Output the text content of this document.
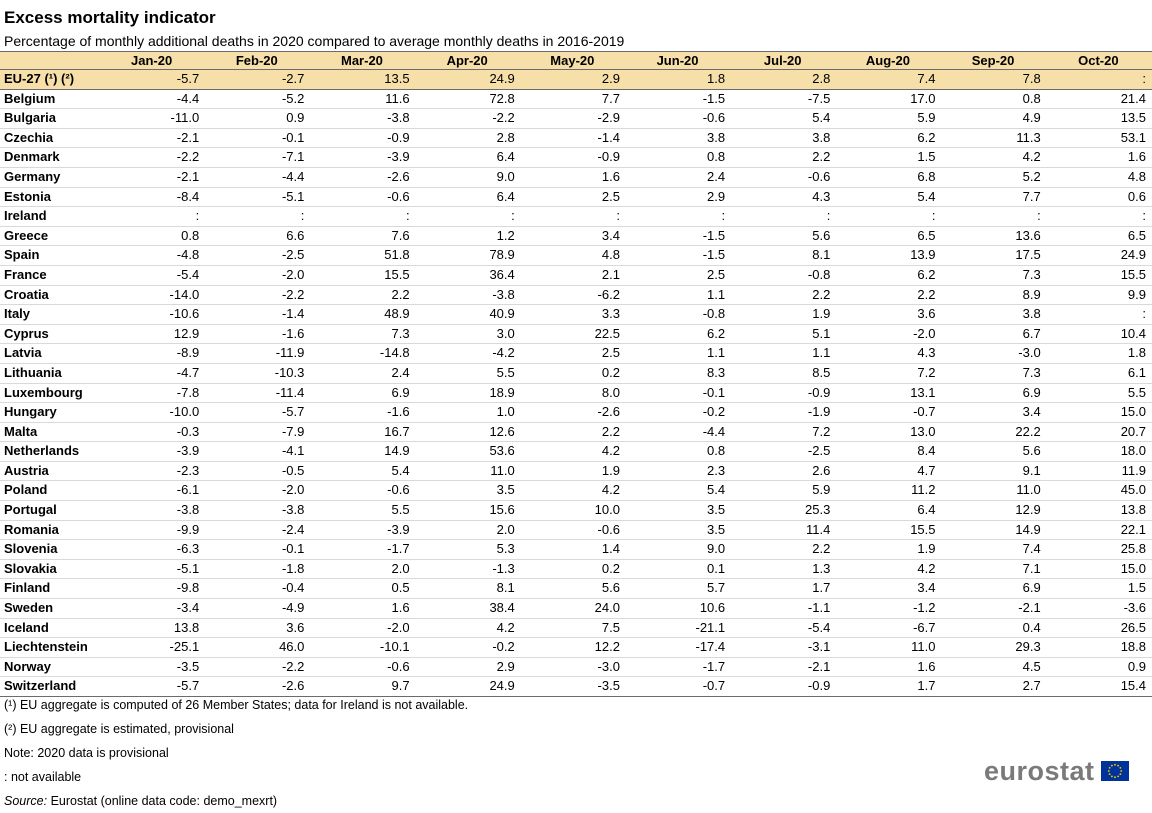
Excess mortality indicator
Percentage of monthly additional deaths in 2020 compared to average monthly deaths in 2016-2019
	Jan-20	Feb-20	Mar-20	Apr-20	May-20	Jun-20	Jul-20	Aug-20	Sep-20	Oct-20
EU-27 (¹) (²)	-5.7	-2.7	13.5	24.9	2.9	1.8	2.8	7.4	7.8	:
Belgium	-4.4	-5.2	11.6	72.8	7.7	-1.5	-7.5	17.0	0.8	21.4
Bulgaria	-11.0	0.9	-3.8	-2.2	-2.9	-0.6	5.4	5.9	4.9	13.5
Czechia	-2.1	-0.1	-0.9	2.8	-1.4	3.8	3.8	6.2	11.3	53.1
Denmark	-2.2	-7.1	-3.9	6.4	-0.9	0.8	2.2	1.5	4.2	1.6
Germany	-2.1	-4.4	-2.6	9.0	1.6	2.4	-0.6	6.8	5.2	4.8
Estonia	-8.4	-5.1	-0.6	6.4	2.5	2.9	4.3	5.4	7.7	0.6
Ireland	:	:	:	:	:	:	:	:	:	:
Greece	0.8	6.6	7.6	1.2	3.4	-1.5	5.6	6.5	13.6	6.5
Spain	-4.8	-2.5	51.8	78.9	4.8	-1.5	8.1	13.9	17.5	24.9
France	-5.4	-2.0	15.5	36.4	2.1	2.5	-0.8	6.2	7.3	15.5
Croatia	-14.0	-2.2	2.2	-3.8	-6.2	1.1	2.2	2.2	8.9	9.9
Italy	-10.6	-1.4	48.9	40.9	3.3	-0.8	1.9	3.6	3.8	:
Cyprus	12.9	-1.6	7.3	3.0	22.5	6.2	5.1	-2.0	6.7	10.4
Latvia	-8.9	-11.9	-14.8	-4.2	2.5	1.1	1.1	4.3	-3.0	1.8
Lithuania	-4.7	-10.3	2.4	5.5	0.2	8.3	8.5	7.2	7.3	6.1
Luxembourg	-7.8	-11.4	6.9	18.9	8.0	-0.1	-0.9	13.1	6.9	5.5
Hungary	-10.0	-5.7	-1.6	1.0	-2.6	-0.2	-1.9	-0.7	3.4	15.0
Malta	-0.3	-7.9	16.7	12.6	2.2	-4.4	7.2	13.0	22.2	20.7
Netherlands	-3.9	-4.1	14.9	53.6	4.2	0.8	-2.5	8.4	5.6	18.0
Austria	-2.3	-0.5	5.4	11.0	1.9	2.3	2.6	4.7	9.1	11.9
Poland	-6.1	-2.0	-0.6	3.5	4.2	5.4	5.9	11.2	11.0	45.0
Portugal	-3.8	-3.8	5.5	15.6	10.0	3.5	25.3	6.4	12.9	13.8
Romania	-9.9	-2.4	-3.9	2.0	-0.6	3.5	11.4	15.5	14.9	22.1
Slovenia	-6.3	-0.1	-1.7	5.3	1.4	9.0	2.2	1.9	7.4	25.8
Slovakia	-5.1	-1.8	2.0	-1.3	0.2	0.1	1.3	4.2	7.1	15.0
Finland	-9.8	-0.4	0.5	8.1	5.6	5.7	1.7	3.4	6.9	1.5
Sweden	-3.4	-4.9	1.6	38.4	24.0	10.6	-1.1	-1.2	-2.1	-3.6
Iceland	13.8	3.6	-2.0	4.2	7.5	-21.1	-5.4	-6.7	0.4	26.5
Liechtenstein	-25.1	46.0	-10.1	-0.2	12.2	-17.4	-3.1	11.0	29.3	18.8
Norway	-3.5	-2.2	-0.6	2.9	-3.0	-1.7	-2.1	1.6	4.5	0.9
Switzerland	-5.7	-2.6	9.7	24.9	-3.5	-0.7	-0.9	1.7	2.7	15.4
(¹) EU aggregate is computed of 26 Member States; data for Ireland is not available.
(²) EU aggregate is estimated, provisional
Note: 2020 data is provisional
: not available
Source: Eurostat (online data code: demo_mexrt)
eurostat
